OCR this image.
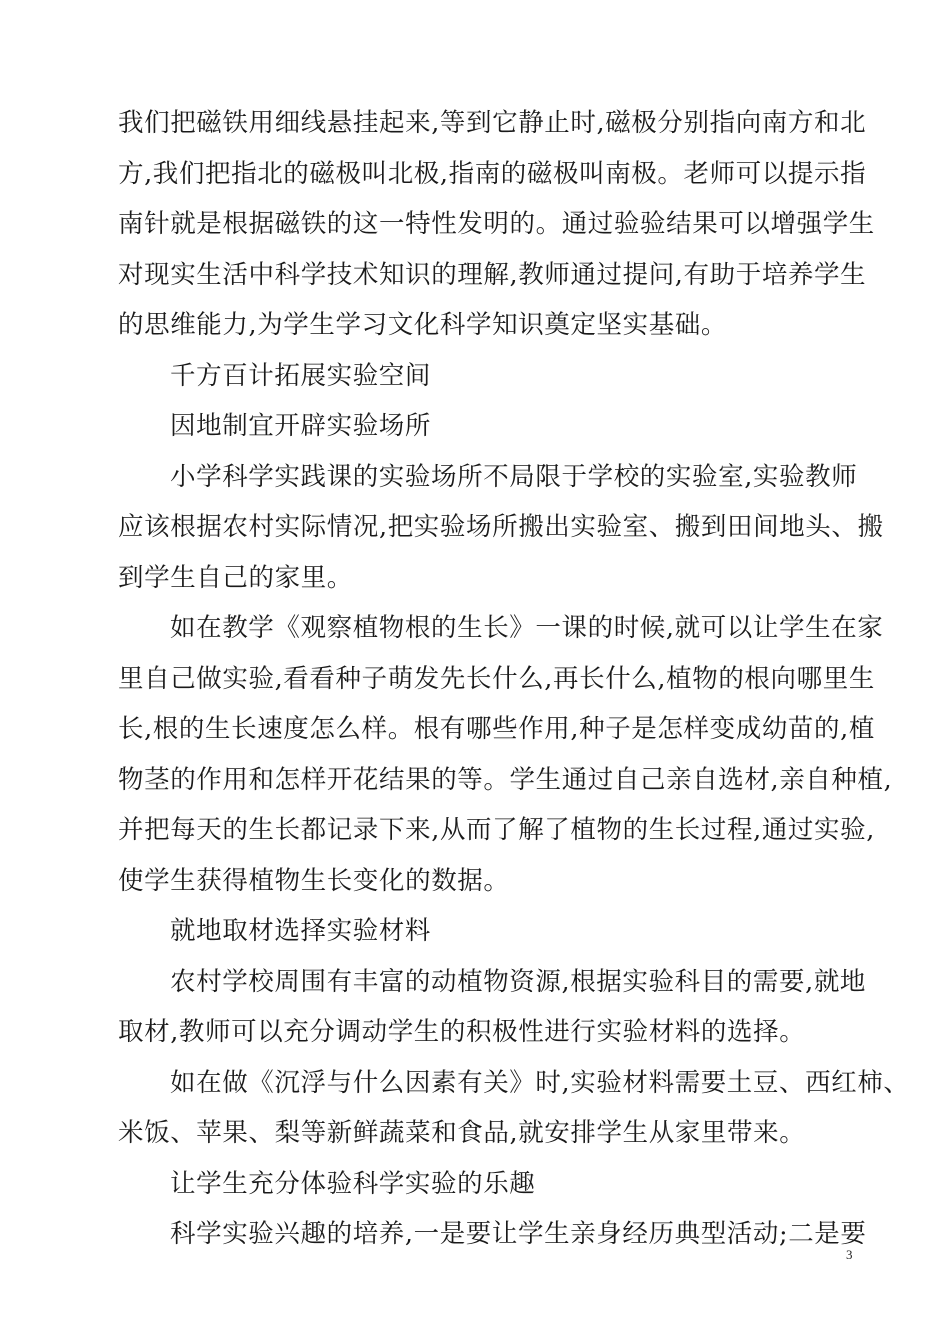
我们把磁铁用细线悬挂起来,等到它静止时,磁极分别指向南方和北
方,我们把指北的磁极叫北极,指南的磁极叫南极。老师可以提示指
南针就是根据磁铁的这一特性发明的。通过验验结果可以增强学生
对现实生活中科学技术知识的理解,教师通过提问,有助于培养学生
的思维能力,为学生学习文化科学知识奠定坚实基础。
千方百计拓展实验空间
因地制宜开辟实验场所
小学科学实践课的实验场所不局限于学校的实验室,实验教师
应该根据农村实际情况,把实验场所搬出实验室、搬到田间地头、搬
到学生自己的家里。
如在教学《观察植物根的生长》一课的时候,就可以让学生在家
里自己做实验,看看种子萌发先长什么,再长什么,植物的根向哪里生
长,根的生长速度怎么样。根有哪些作用,种子是怎样变成幼苗的,植
物茎的作用和怎样开花结果的等。学生通过自己亲自选材,亲自种植,
并把每天的生长都记录下来,从而了解了植物的生长过程,通过实验,
使学生获得植物生长变化的数据。
就地取材选择实验材料
农村学校周围有丰富的动植物资源,根据实验科目的需要,就地
取材,教师可以充分调动学生的积极性进行实验材料的选择。
如在做《沉浮与什么因素有关》时,实验材料需要土豆、西红柿、
米饭、苹果、梨等新鲜蔬菜和食品,就安排学生从家里带来。
让学生充分体验科学实验的乐趣
科学实验兴趣的培养,一是要让学生亲身经历典型活动;二是要
3
